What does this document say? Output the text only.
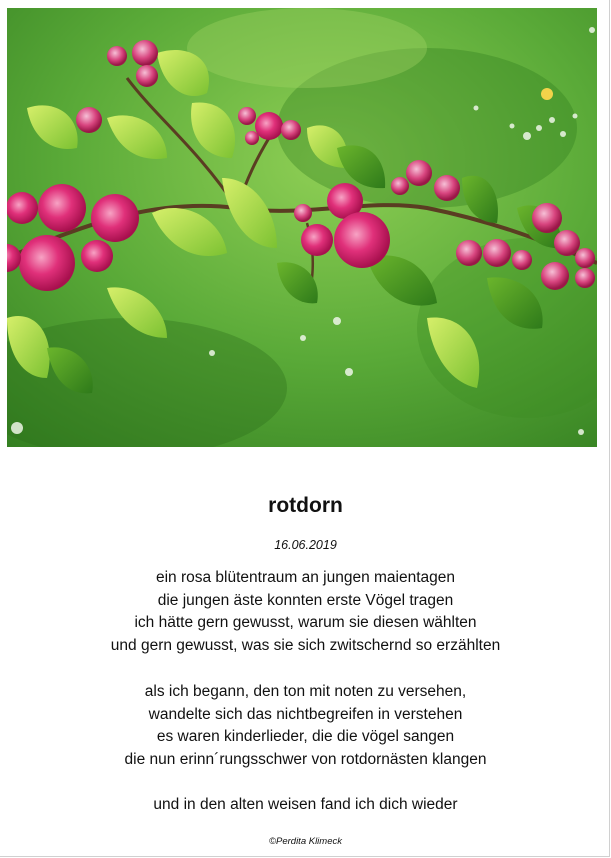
rotdorn
16.06.2019
ein rosa blütentraum an jungen maientagen
die jungen äste konnten erste Vögel tragen
ich hätte gern gewusst, warum sie diesen wählten
und gern gewusst, was sie sich zwitschernd so erzählten
als ich begann, den ton mit noten zu versehen,
wandelte sich das nichtbegreifen in verstehen
es waren kinderlieder, die die vögel sangen
die nun erinn´rungsschwer von rotdornästen klangen
und in den alten weisen fand ich dich wieder
©Perdita Klimeck
